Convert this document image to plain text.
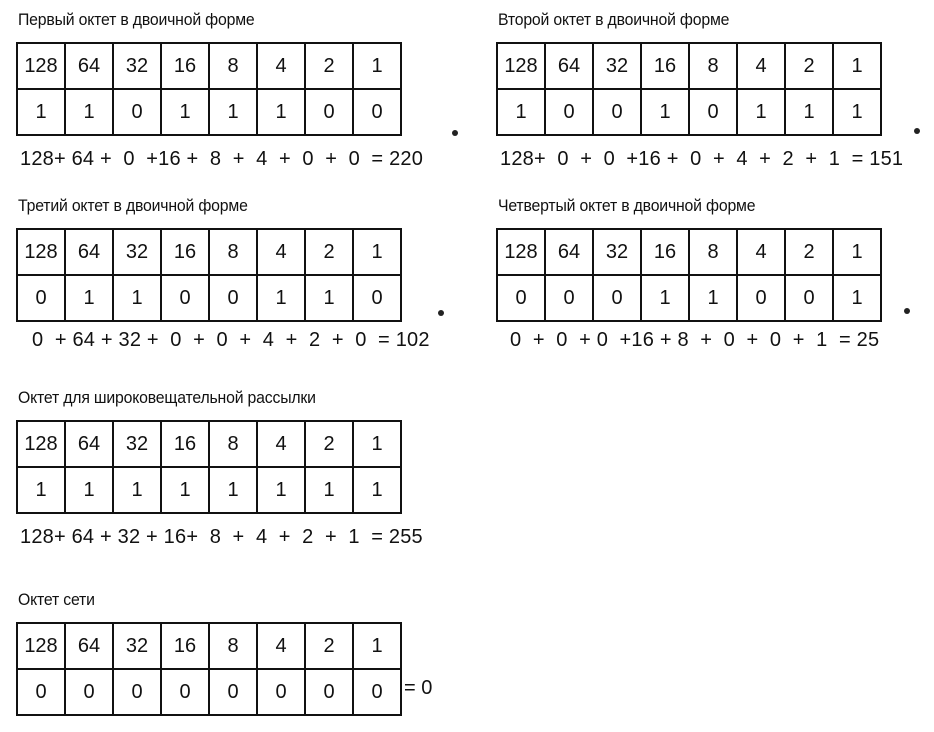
Первый октет в двоичной форме
128	64	32	16	8	4	2	1
1	1	0	1	1	1	0	0
128+ 64 +  0  +16 +  8  +  4  +  0  +  0  = 220
Второй октет в двоичной форме
128	64	32	16	8	4	2	1
1	0	0	1	0	1	1	1
128+  0  +  0  +16 +  0  +  4  +  2  +  1  = 151
Третий октет в двоичной форме
128	64	32	16	8	4	2	1
0	1	1	0	0	1	1	0
0  + 64 + 32 +  0  +  0  +  4  +  2  +  0  = 102
Четвертый октет в двоичной форме
128	64	32	16	8	4	2	1
0	0	0	1	1	0	0	1
0  +  0  + 0  +16 + 8  +  0  +  0  +  1  = 25
Октет для широковещательной рассылки
128	64	32	16	8	4	2	1
1	1	1	1	1	1	1	1
128+ 64 + 32 + 16+  8  +  4  +  2  +  1  = 255
Октет сети
128	64	32	16	8	4	2	1
0	0	0	0	0	0	0	0 = 0
